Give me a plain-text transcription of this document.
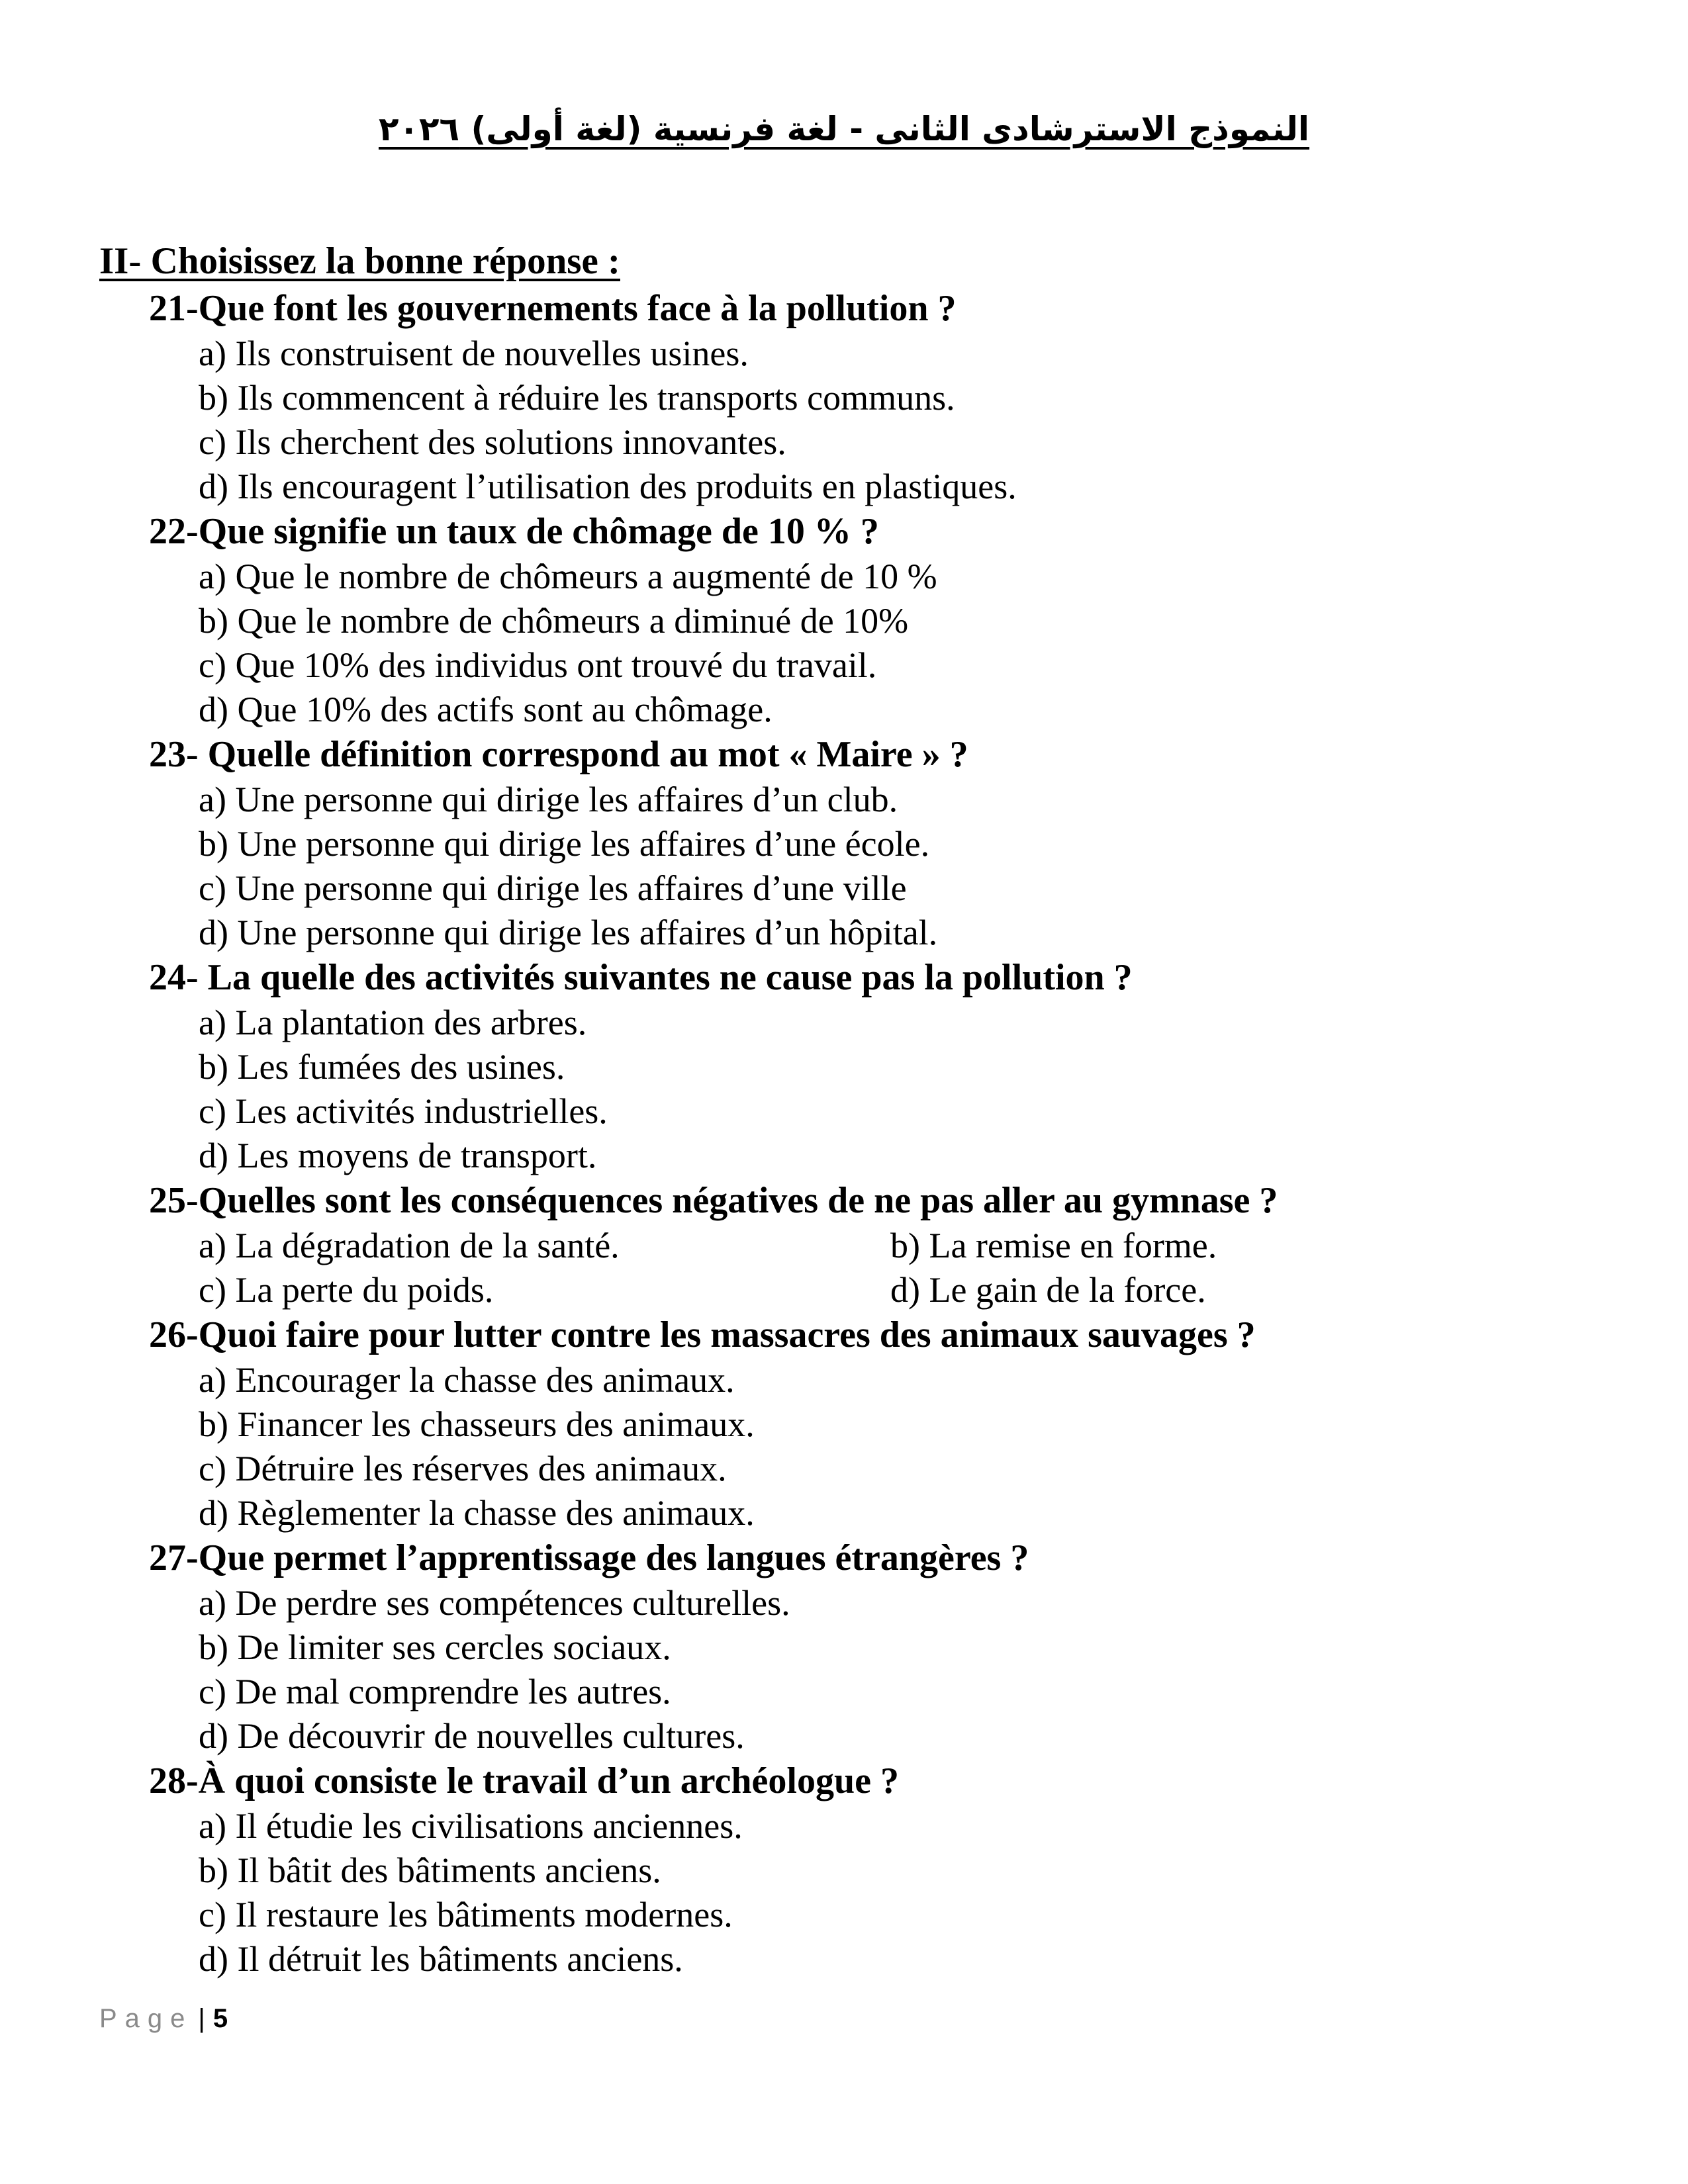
النموذج الاسترشادى الثانى - لغة فرنسية (لغة أولى) ٢٠٢٦
II- Choisissez la bonne réponse :
21-Que font les gouvernements face à la pollution ?
a) Ils construisent de nouvelles usines.
b) Ils commencent à réduire les transports communs.
c) Ils cherchent des solutions innovantes.
d) Ils encouragent l’utilisation des produits en plastiques.
22-Que signifie un taux de chômage de 10 % ?
a) Que le nombre de chômeurs a augmenté de 10 %
b) Que le nombre de chômeurs a diminué de 10%
c) Que 10% des individus ont trouvé du travail.
d) Que 10% des actifs sont au chômage.
23- Quelle définition correspond au mot « Maire » ?
a) Une personne qui dirige les affaires d’un club.
b) Une personne qui dirige les affaires d’une école.
c) Une personne qui dirige les affaires d’une ville
d) Une personne qui dirige les affaires d’un hôpital.
24- La quelle des activités suivantes ne cause pas la pollution ?
a) La plantation des arbres.
b) Les fumées des usines.
c) Les activités industrielles.
d) Les moyens de transport.
25-Quelles sont les conséquences négatives de ne pas aller au gymnase ?
a) La dégradation de la santé.	b) La remise en forme.
c) La perte du poids.	d) Le gain de la force.
26-Quoi faire pour lutter contre les massacres des animaux sauvages ?
a) Encourager la chasse des animaux.
b) Financer les chasseurs des animaux.
c) Détruire les réserves des animaux.
d) Règlementer la chasse des animaux.
27-Que permet l’apprentissage des langues étrangères ?
a) De perdre ses compétences culturelles.
b) De limiter ses cercles sociaux.
c) De mal comprendre les autres.
d) De découvrir de nouvelles cultures.
28-À quoi consiste le travail d’un archéologue ?
a) Il étudie les civilisations anciennes.
b) Il bâtit des bâtiments anciens.
c) Il restaure les bâtiments modernes.
d) Il détruit les bâtiments anciens.
Page | 5
